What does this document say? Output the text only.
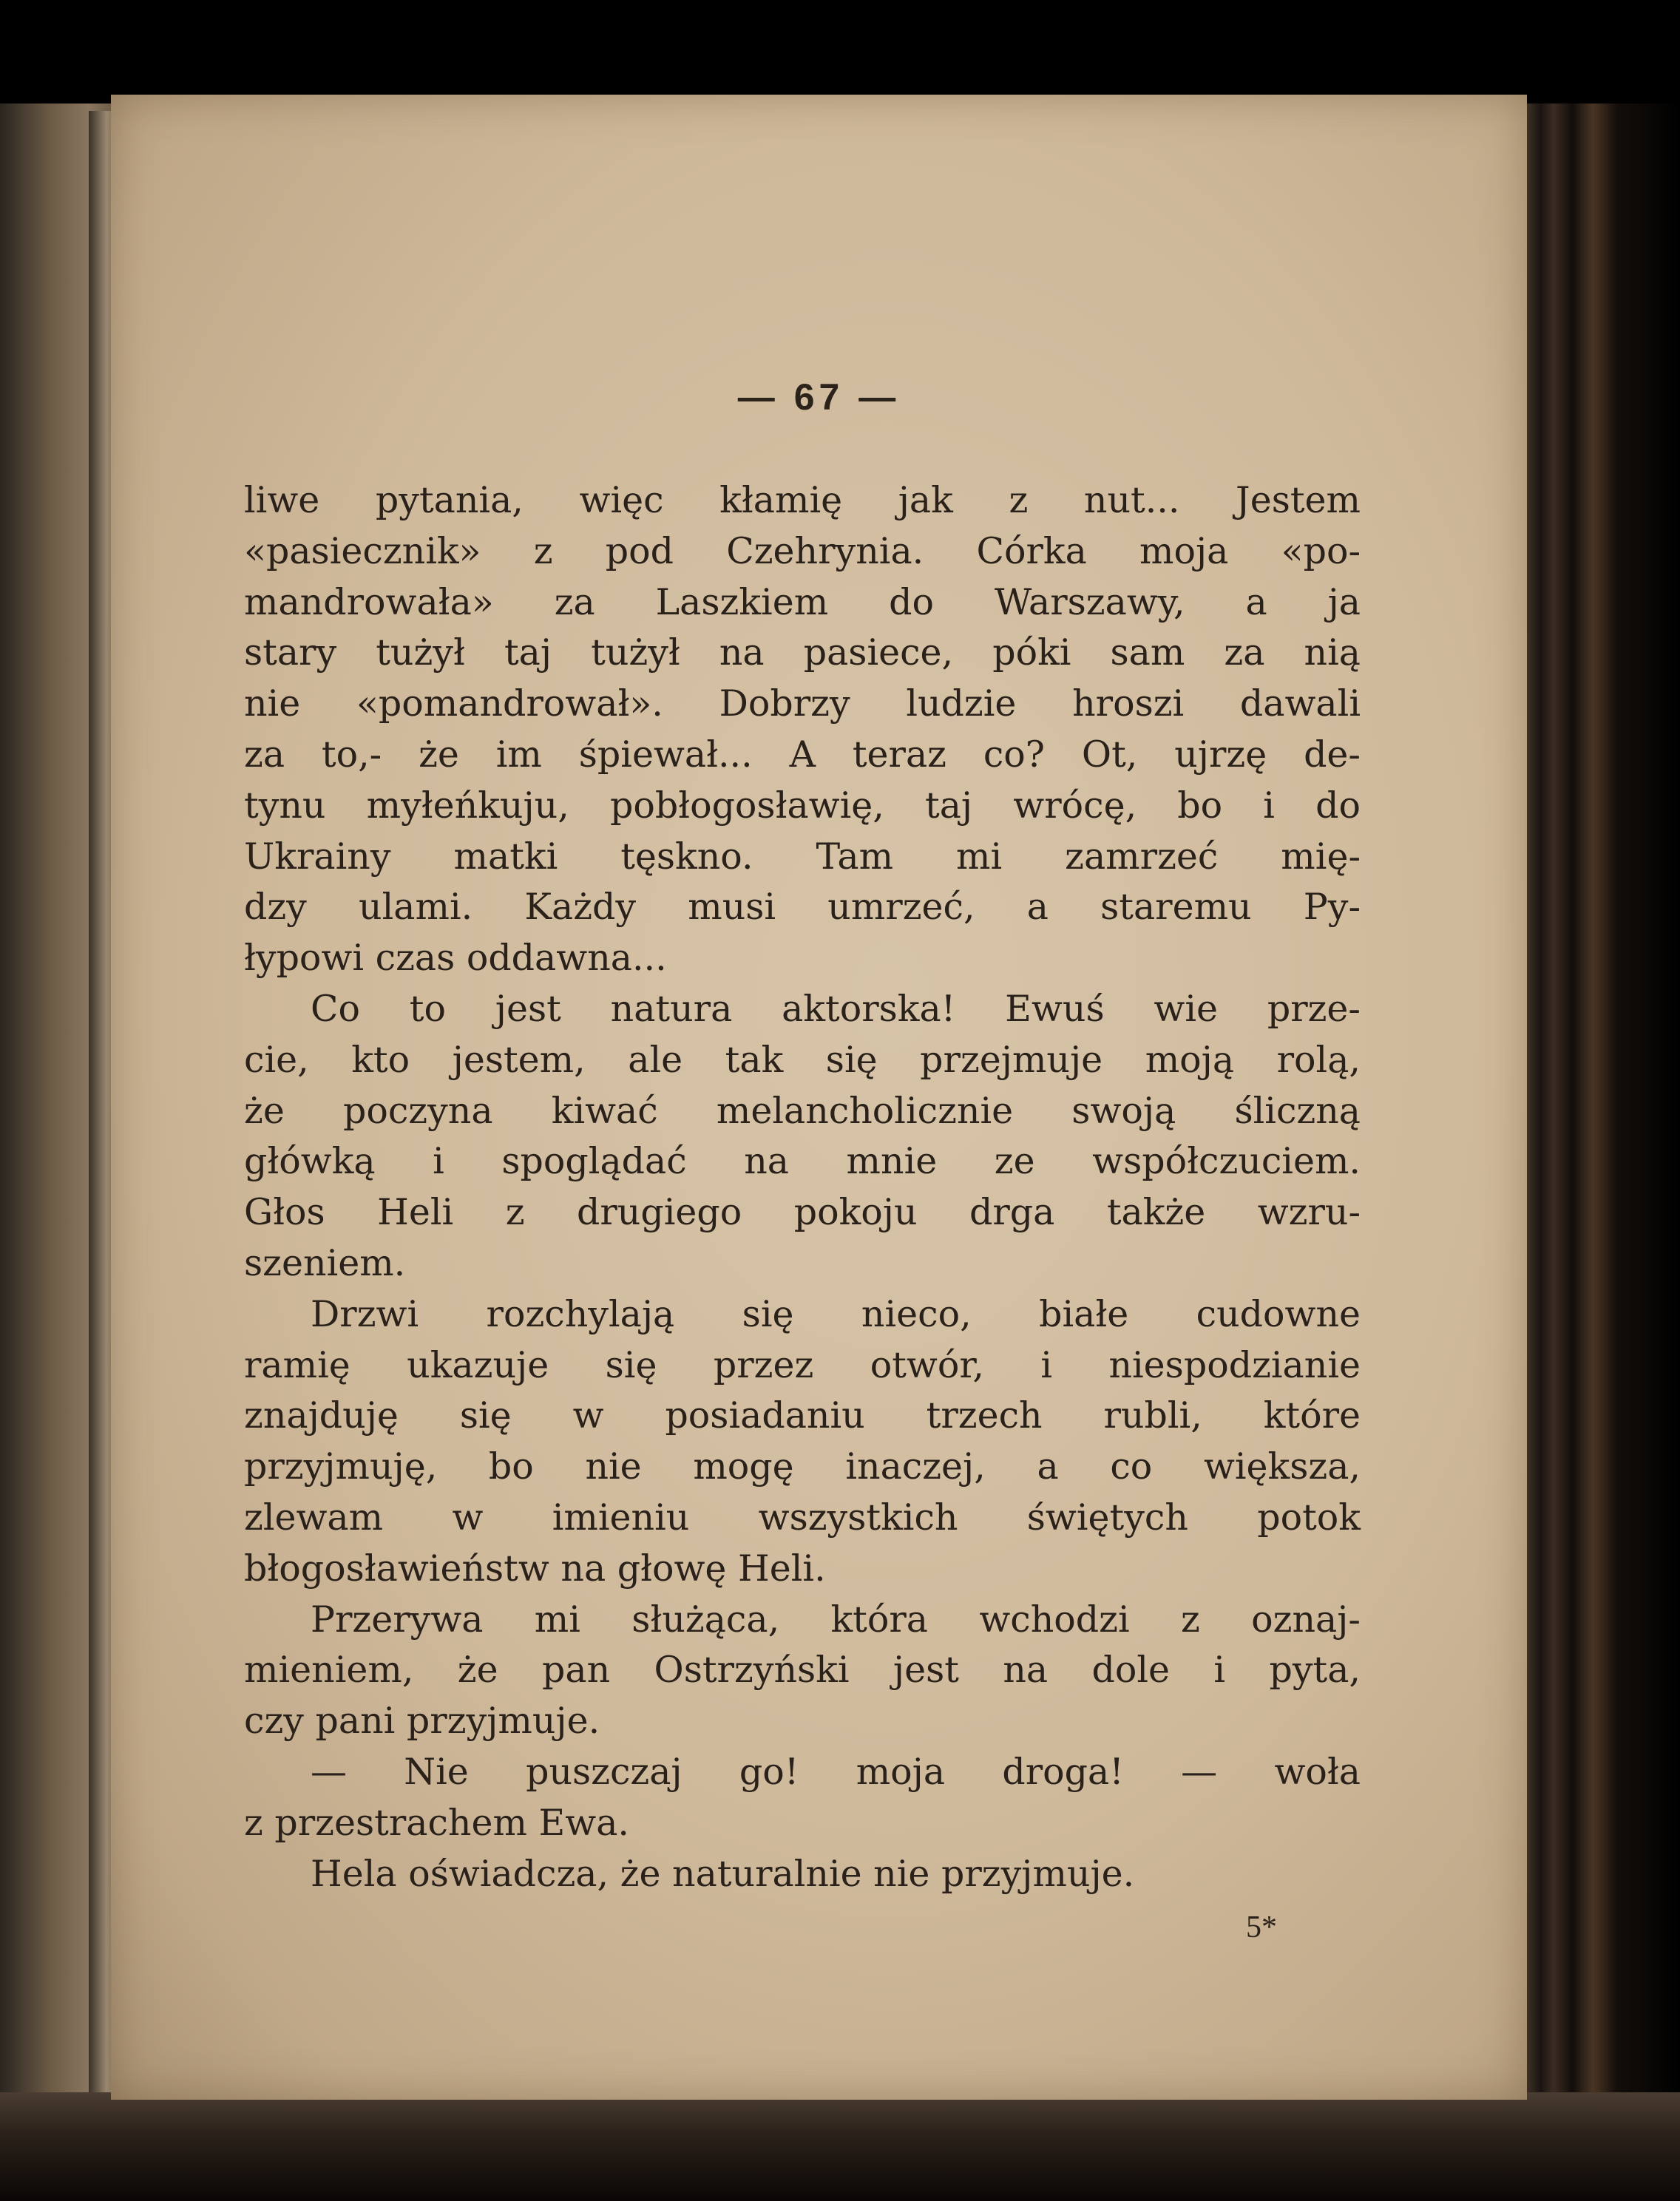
— 67 —
liwe pytania, więc kłamię jak z nut... Jestem
«pasiecznik» z pod Czehrynia. Córka moja «po-
mandrowała» za Laszkiem do Warszawy, a ja
stary tużył taj tużył na pasiece, póki sam za nią
nie «pomandrował». Dobrzy ludzie hroszi dawali
za to,- że im śpiewał... A teraz co? Ot, ujrzę de-
tynu myłeńkuju, pobłogosławię, taj wrócę, bo i do
Ukrainy matki tęskno. Tam mi zamrzeć mię-
dzy ulami. Każdy musi umrzeć, a staremu Py-
łypowi czas oddawna...
Co to jest natura aktorska! Ewuś wie prze-
cie, kto jestem, ale tak się przejmuje moją rolą,
że poczyna kiwać melancholicznie swoją śliczną
główką i spoglądać na mnie ze współczuciem.
Głos Heli z drugiego pokoju drga także wzru-
szeniem.
Drzwi rozchylają się nieco, białe cudowne
ramię ukazuje się przez otwór, i niespodzianie
znajduję się w posiadaniu trzech rubli, które
przyjmuję, bo nie mogę inaczej, a co większa,
zlewam w imieniu wszystkich świętych potok
błogosławieństw na głowę Heli.
Przerywa mi służąca, która wchodzi z oznaj-
mieniem, że pan Ostrzyński jest na dole i pyta,
czy pani przyjmuje.
— Nie puszczaj go! moja droga! — woła
z przestrachem Ewa.
Hela oświadcza, że naturalnie nie przyjmuje.
5*
